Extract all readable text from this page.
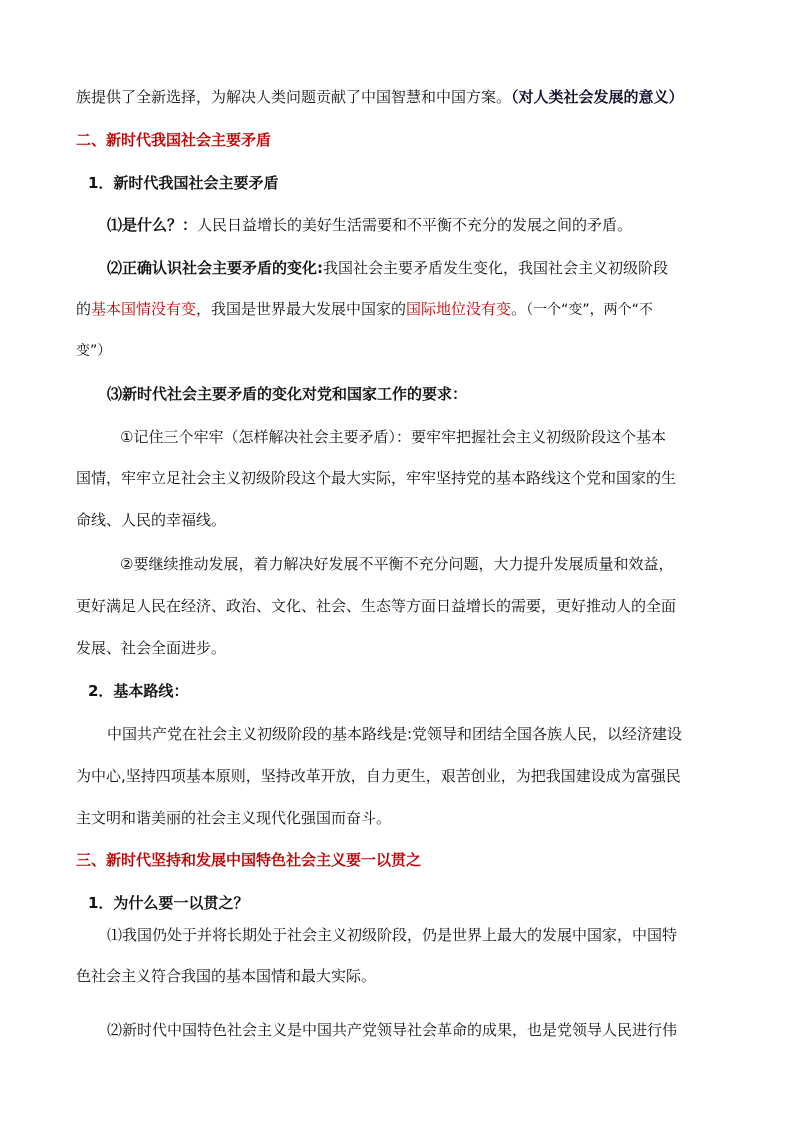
族提供了全新选择，为解决人类问题贡献了中国智慧和中国方案。（对人类社会发展的意义）
二、新时代我国社会主要矛盾
1．新时代我国社会主要矛盾
⑴是什么？：人民日益增长的美好生活需要和不平衡不充分的发展之间的矛盾。
⑵正确认识社会主要矛盾的变化:我国社会主要矛盾发生变化，我国社会主义初级阶段
的基本国情没有变，我国是世界最大发展中国家的国际地位没有变。（一个“变”，两个“不
变”）
⑶新时代社会主要矛盾的变化对党和国家工作的要求：
①记住三个牢牢（怎样解决社会主要矛盾）：要牢牢把握社会主义初级阶段这个基本
国情，牢牢立足社会主义初级阶段这个最大实际，牢牢坚持党的基本路线这个党和国家的生
命线、人民的幸福线。
②要继续推动发展，着力解决好发展不平衡不充分问题，大力提升发展质量和效益，
更好满足人民在经济、政治、文化、社会、生态等方面日益增长的需要，更好推动人的全面
发展、社会全面进步。
2．基本路线：
中国共产党在社会主义初级阶段的基本路线是:党领导和团结全国各族人民，以经济建设
为中心,坚持四项基本原则，坚持改革开放，自力更生，艰苦创业，为把我国建设成为富强民
主文明和谐美丽的社会主义现代化强国而奋斗。
三、新时代坚持和发展中国特色社会主义要一以贯之
1．为什么要一以贯之？
⑴我国仍处于并将长期处于社会主义初级阶段，仍是世界上最大的发展中国家，中国特
色社会主义符合我国的基本国情和最大实际。
⑵新时代中国特色社会主义是中国共产党领导社会革命的成果，也是党领导人民进行伟
